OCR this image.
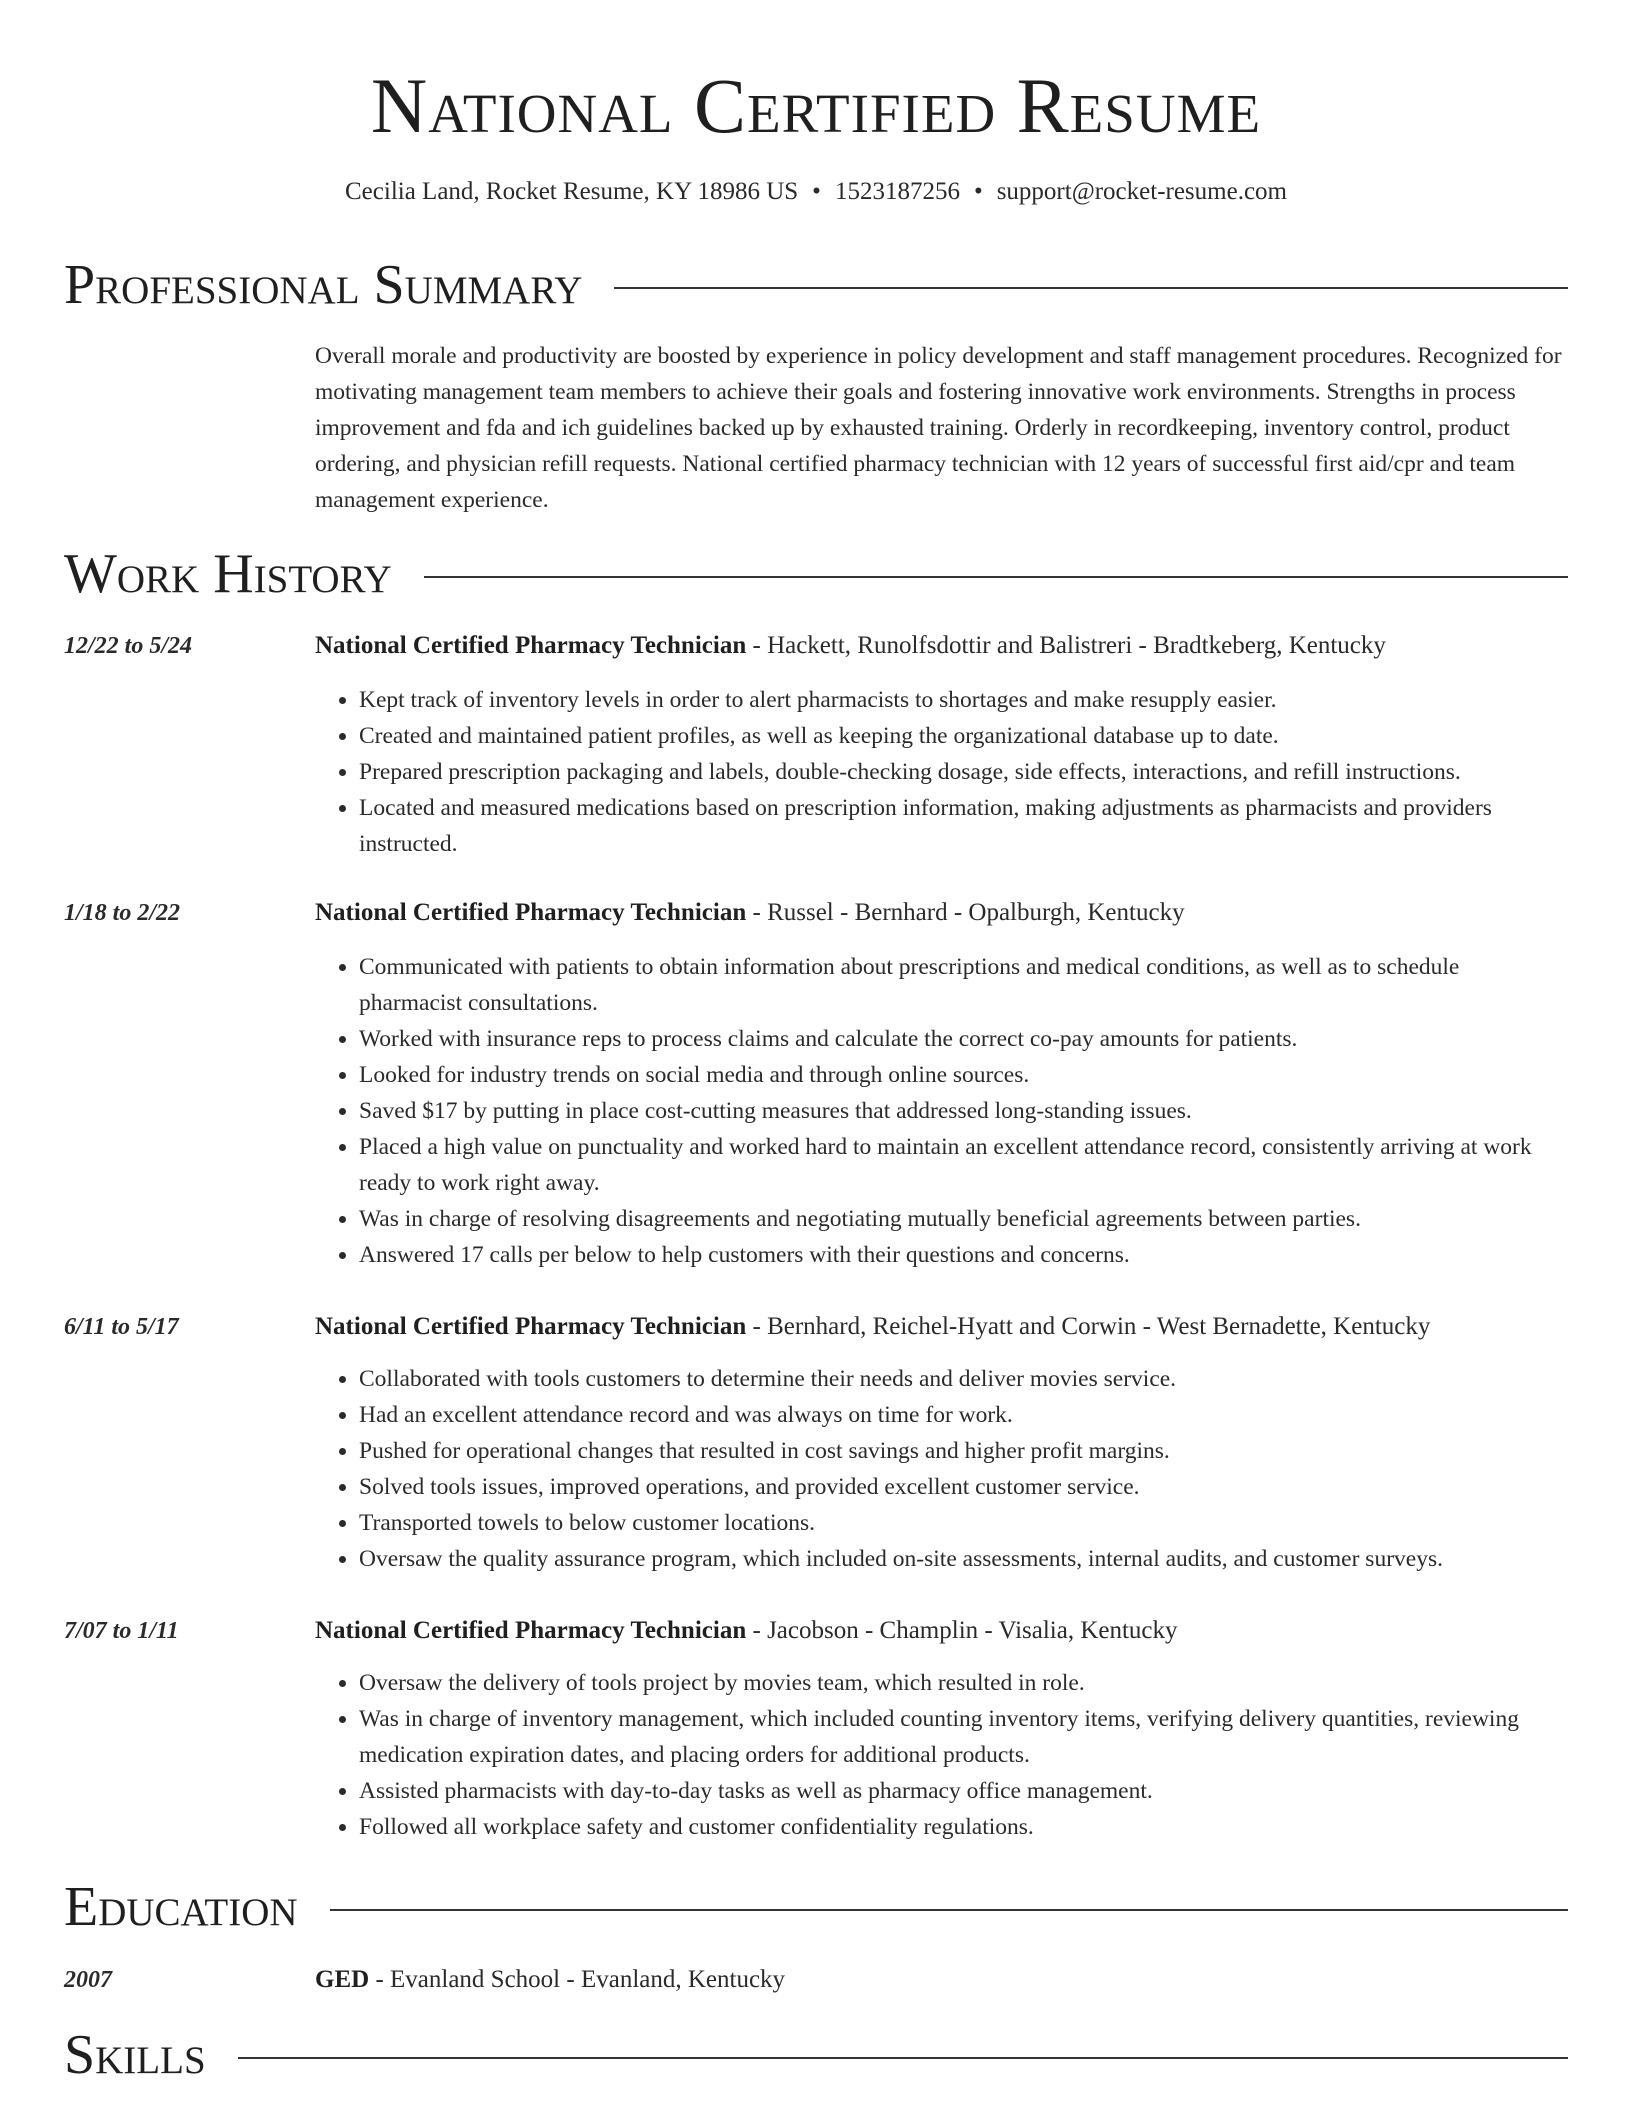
National Certified Resume
Cecilia Land, Rocket Resume, KY 18986 US • 1523187256 • support@rocket-resume.com
Professional Summary
Overall morale and productivity are boosted by experience in policy development and staff management procedures. Recognized for motivating management team members to achieve their goals and fostering innovative work environments. Strengths in process improvement and fda and ich guidelines backed up by exhausted training. Orderly in recordkeeping, inventory control, product ordering, and physician refill requests. National certified pharmacy technician with 12 years of successful first aid/cpr and team management experience.
Work History
12/22 to 5/24	National Certified Pharmacy Technician - Hackett, Runolfsdottir and Balistreri - Bradtkeberg, Kentucky
• Kept track of inventory levels in order to alert pharmacists to shortages and make resupply easier.
• Created and maintained patient profiles, as well as keeping the organizational database up to date.
• Prepared prescription packaging and labels, double-checking dosage, side effects, interactions, and refill instructions.
• Located and measured medications based on prescription information, making adjustments as pharmacists and providers instructed.
1/18 to 2/22	National Certified Pharmacy Technician - Russel - Bernhard - Opalburgh, Kentucky
• Communicated with patients to obtain information about prescriptions and medical conditions, as well as to schedule pharmacist consultations.
• Worked with insurance reps to process claims and calculate the correct co-pay amounts for patients.
• Looked for industry trends on social media and through online sources.
• Saved $17 by putting in place cost-cutting measures that addressed long-standing issues.
• Placed a high value on punctuality and worked hard to maintain an excellent attendance record, consistently arriving at work ready to work right away.
• Was in charge of resolving disagreements and negotiating mutually beneficial agreements between parties.
• Answered 17 calls per below to help customers with their questions and concerns.
6/11 to 5/17	National Certified Pharmacy Technician - Bernhard, Reichel-Hyatt and Corwin - West Bernadette, Kentucky
• Collaborated with tools customers to determine their needs and deliver movies service.
• Had an excellent attendance record and was always on time for work.
• Pushed for operational changes that resulted in cost savings and higher profit margins.
• Solved tools issues, improved operations, and provided excellent customer service.
• Transported towels to below customer locations.
• Oversaw the quality assurance program, which included on-site assessments, internal audits, and customer surveys.
7/07 to 1/11	National Certified Pharmacy Technician - Jacobson - Champlin - Visalia, Kentucky
• Oversaw the delivery of tools project by movies team, which resulted in role.
• Was in charge of inventory management, which included counting inventory items, verifying delivery quantities, reviewing medication expiration dates, and placing orders for additional products.
• Assisted pharmacists with day-to-day tasks as well as pharmacy office management.
• Followed all workplace safety and customer confidentiality regulations.
Education
2007	GED - Evanland School - Evanland, Kentucky
Skills
